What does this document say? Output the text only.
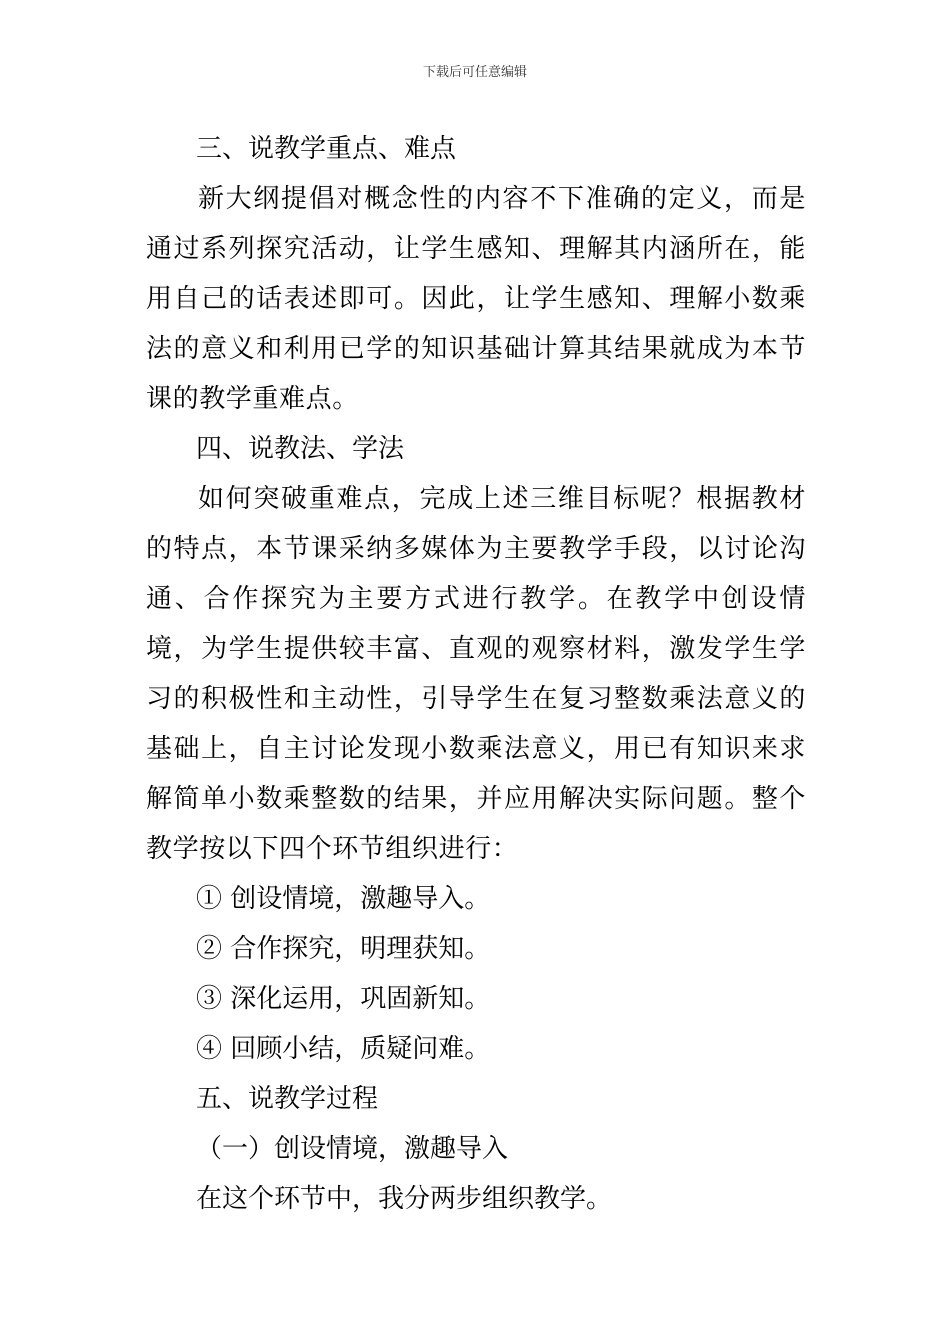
下载后可任意编辑
三、说教学重点、难点

新大纲提倡对概念性的内容不下准确的定义，而是通过系列探究活动，让学生感知、理解其内涵所在，能用自己的话表述即可。因此，让学生感知、理解小数乘法的意义和利用已学的知识基础计算其结果就成为本节课的教学重难点。

四、说教法、学法

如何突破重难点，完成上述三维目标呢？根据教材的特点，本节课采纳多媒体为主要教学手段，以讨论沟通、合作探究为主要方式进行教学。在教学中创设情境，为学生提供较丰富、直观的观察材料，激发学生学习的积极性和主动性，引导学生在复习整数乘法意义的基础上，自主讨论发现小数乘法意义，用已有知识来求解简单小数乘整数的结果，并应用解决实际问题。整个教学按以下四个环节组织进行：

① 创设情境，激趣导入。
② 合作探究，明理获知。
③ 深化运用，巩固新知。
④ 回顾小结，质疑问难。
五、说教学过程
（一）创设情境，激趣导入
在这个环节中，我分两步组织教学。
